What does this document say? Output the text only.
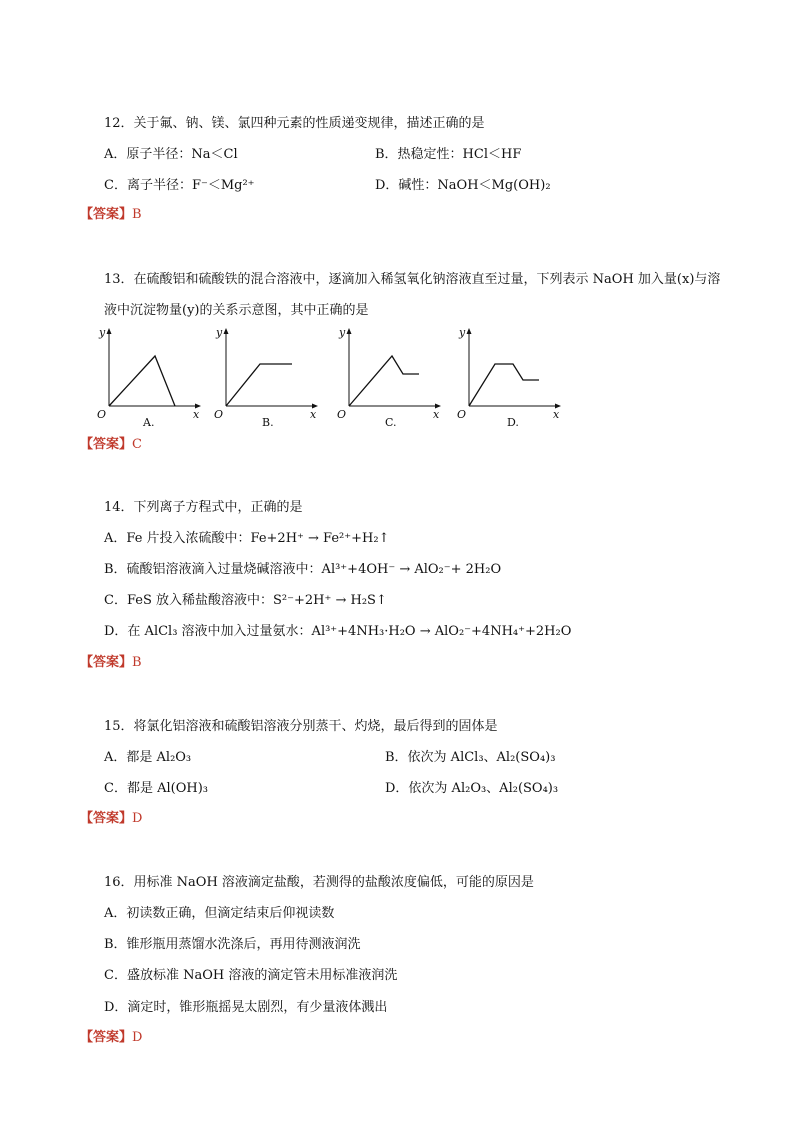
12．关于氟、钠、镁、氯四种元素的性质递变规律，描述正确的是
A．原子半径：Na＜Cl	B．热稳定性：HCl＜HF
C．离子半径：F⁻＜Mg²⁺	D．碱性：NaOH＜Mg(OH)₂
【答案】B
13．在硫酸铝和硫酸铁的混合溶液中，逐滴加入稀氢氧化钠溶液直至过量，下列表示 NaOH 加入量(x)与溶
液中沉淀物量(y)的关系示意图，其中正确的是
y
O	x
A.
y
O	x
B.
y
O	x
C.
y
O	x
D.
【答案】C
14．下列离子方程式中，正确的是
A．Fe 片投入浓硫酸中：Fe+2H⁺ → Fe²⁺+H₂↑
B．硫酸铝溶液滴入过量烧碱溶液中：Al³⁺+4OH⁻ → AlO₂⁻+ 2H₂O
C．FeS 放入稀盐酸溶液中：S²⁻+2H⁺ → H₂S↑
D．在 AlCl₃ 溶液中加入过量氨水：Al³⁺+4NH₃·H₂O → AlO₂⁻+4NH₄⁺+2H₂O
【答案】B
15．将氯化铝溶液和硫酸铝溶液分别蒸干、灼烧，最后得到的固体是
A．都是 Al₂O₃	B．依次为 AlCl₃、Al₂(SO₄)₃
C．都是 Al(OH)₃	D．依次为 Al₂O₃、Al₂(SO₄)₃
【答案】D
16．用标准 NaOH 溶液滴定盐酸，若测得的盐酸浓度偏低，可能的原因是
A．初读数正确，但滴定结束后仰视读数
B．锥形瓶用蒸馏水洗涤后，再用待测液润洗
C．盛放标准 NaOH 溶液的滴定管未用标准液润洗
D．滴定时，锥形瓶摇晃太剧烈，有少量液体溅出
【答案】D
